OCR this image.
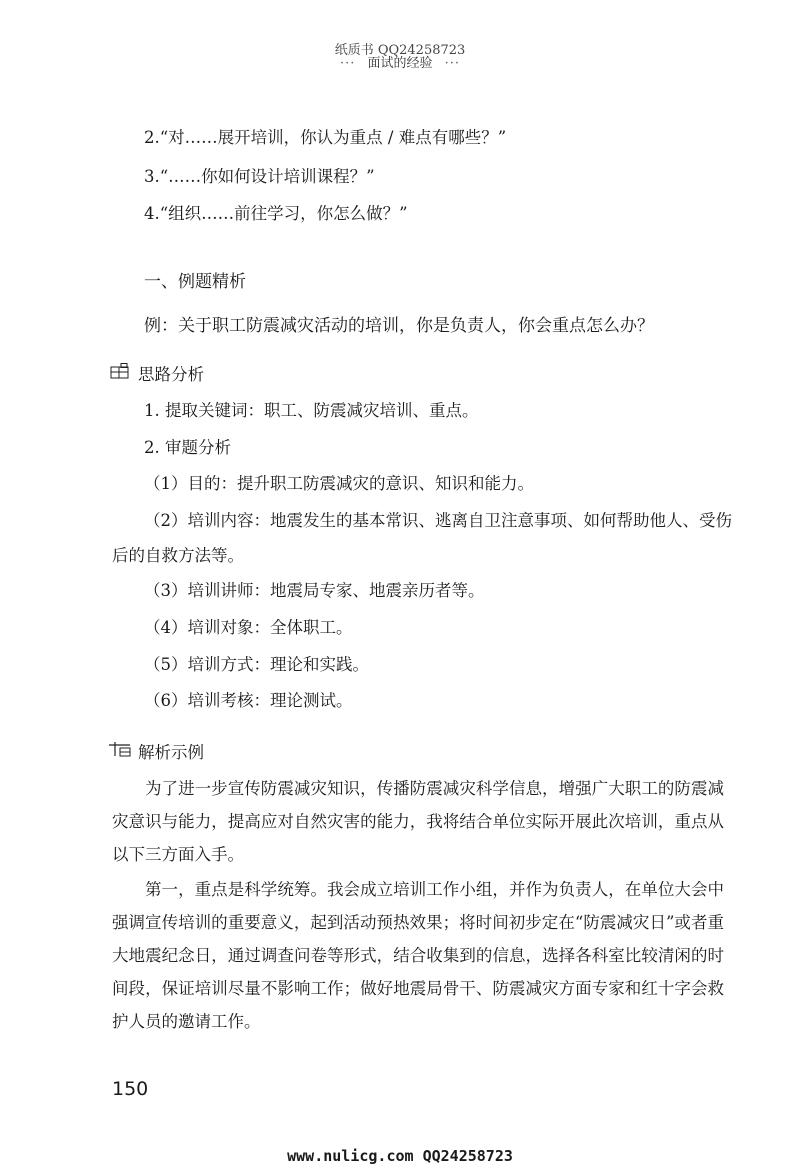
纸质书 QQ24258723
··· 面试的经验 ···
2.“对……展开培训，你认为重点 / 难点有哪些？”
3.“……你如何设计培训课程？”
4.“组织……前往学习，你怎么做？”
一、例题精析
例：关于职工防震减灾活动的培训，你是负责人，你会重点怎么办？
思路分析
1. 提取关键词：职工、防震减灾培训、重点。
2. 审题分析
（1）目的：提升职工防震减灾的意识、知识和能力。
（2）培训内容：地震发生的基本常识、逃离自卫注意事项、如何帮助他人、受伤
后的自救方法等。
（3）培训讲师：地震局专家、地震亲历者等。
（4）培训对象：全体职工。
（5）培训方式：理论和实践。
（6）培训考核：理论测试。
解析示例
为了进一步宣传防震减灾知识，传播防震减灾科学信息，增强广大职工的防震减灾意识与能力，提高应对自然灾害的能力，我将结合单位实际开展此次培训，重点从以下三方面入手。
第一，重点是科学统筹。我会成立培训工作小组，并作为负责人，在单位大会中强调宣传培训的重要意义，起到活动预热效果；将时间初步定在“防震减灾日”或者重大地震纪念日，通过调查问卷等形式，结合收集到的信息，选择各科室比较清闲的时间段，保证培训尽量不影响工作；做好地震局骨干、防震减灾方面专家和红十字会救护人员的邀请工作。
150
www.nulicg.com QQ24258723
